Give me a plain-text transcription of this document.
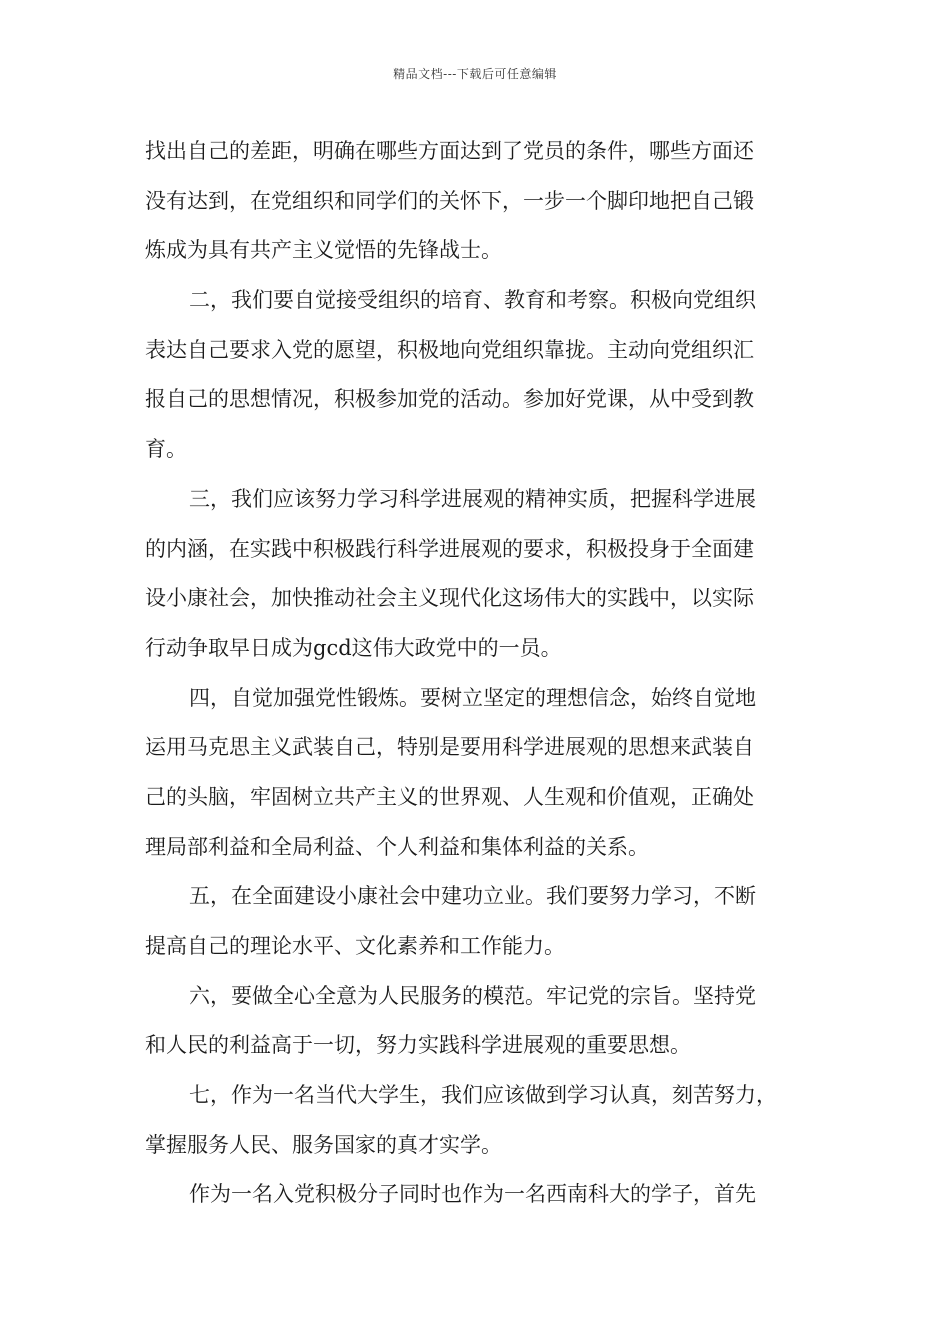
精品文档---下载后可任意编辑
找出自己的差距，明确在哪些方面达到了党员的条件，哪些方面还
没有达到，在党组织和同学们的关怀下，一步一个脚印地把自己锻
炼成为具有共产主义觉悟的先锋战士。
二，我们要自觉接受组织的培育、教育和考察。积极向党组织
表达自己要求入党的愿望，积极地向党组织靠拢。主动向党组织汇
报自己的思想情况，积极参加党的活动。参加好党课，从中受到教
育。
三，我们应该努力学习科学进展观的精神实质，把握科学进展
的内涵，在实践中积极践行科学进展观的要求，积极投身于全面建
设小康社会，加快推动社会主义现代化这场伟大的实践中，以实际
行动争取早日成为gcd这伟大政党中的一员。
四，自觉加强党性锻炼。要树立坚定的理想信念，始终自觉地
运用马克思主义武装自己，特别是要用科学进展观的思想来武装自
己的头脑，牢固树立共产主义的世界观、人生观和价值观，正确处
理局部利益和全局利益、个人利益和集体利益的关系。
五，在全面建设小康社会中建功立业。我们要努力学习，不断
提高自己的理论水平、文化素养和工作能力。
六，要做全心全意为人民服务的模范。牢记党的宗旨。坚持党
和人民的利益高于一切，努力实践科学进展观的重要思想。
七，作为一名当代大学生，我们应该做到学习认真，刻苦努力，
掌握服务人民、服务国家的真才实学。
作为一名入党积极分子同时也作为一名西南科大的学子，首先
